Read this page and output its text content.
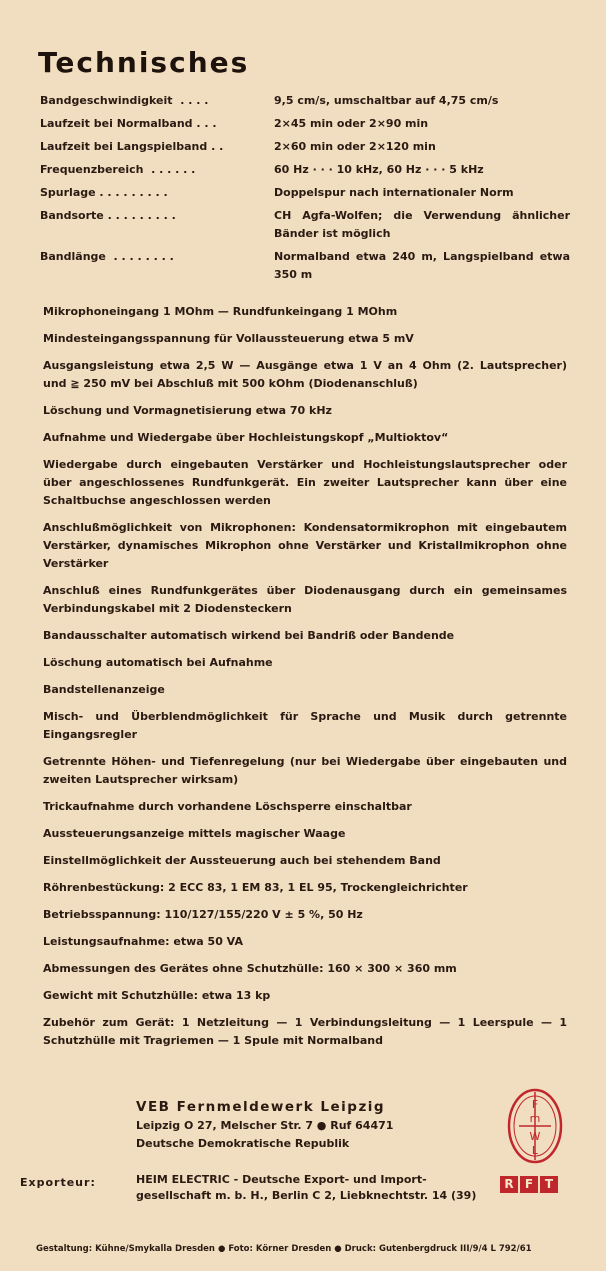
Technisches
Bandgeschwindigkeit  . . . .	9,5 cm/s, umschaltbar auf 4,75 cm/s
Laufzeit bei Normalband . . .	2×45 min oder 2×90 min
Laufzeit bei Langspielband . .	2×60 min oder 2×120 min
Frequenzbereich  . . . . . .	60 Hz · · · 10 kHz, 60 Hz · · · 5 kHz
Spurlage . . . . . . . . .	Doppelspur nach internationaler Norm
Bandsorte . . . . . . . . .	CH Agfa-Wolfen; die Verwendung ähnlicher Bänder ist möglich
Bandlänge  . . . . . . . .	Normalband etwa 240 m, Langspielband etwa 350 m
Mikrophoneingang 1 MOhm — Rundfunkeingang 1 MOhm
Mindesteingangsspannung für Vollaussteuerung etwa 5 mV
Ausgangsleistung etwa 2,5 W — Ausgänge etwa 1 V an 4 Ohm (2. Lautsprecher) und ≧ 250 mV bei Abschluß mit 500 kOhm (Diodenanschluß)
Löschung und Vormagnetisierung etwa 70 kHz
Aufnahme und Wiedergabe über Hochleistungskopf „Multioktov“
Wiedergabe durch eingebauten Verstärker und Hochleistungslautsprecher oder über angeschlossenes Rundfunkgerät. Ein zweiter Lautsprecher kann über eine Schaltbuchse angeschlossen werden
Anschlußmöglichkeit von Mikrophonen: Kondensatormikrophon mit eingebautem Verstärker, dynamisches Mikrophon ohne Verstärker und Kristallmikrophon ohne Verstärker
Anschluß eines Rundfunkgerätes über Diodenausgang durch ein gemeinsames Verbindungskabel mit 2 Diodensteckern
Bandausschalter automatisch wirkend bei Bandriß oder Bandende
Löschung automatisch bei Aufnahme
Bandstellenanzeige
Misch- und Überblendmöglichkeit für Sprache und Musik durch getrennte Eingangsregler
Getrennte Höhen- und Tiefenregelung (nur bei Wiedergabe über eingebauten und zweiten Lautsprecher wirksam)
Trickaufnahme durch vorhandene Löschsperre einschaltbar
Aussteuerungsanzeige mittels magischer Waage
Einstellmöglichkeit der Aussteuerung auch bei stehendem Band
Röhrenbestückung: 2 ECC 83, 1 EM 83, 1 EL 95, Trockengleichrichter
Betriebsspannung: 110/127/155/220 V ± 5 %, 50 Hz
Leistungsaufnahme: etwa 50 VA
Abmessungen des Gerätes ohne Schutzhülle: 160 × 300 × 360 mm
Gewicht mit Schutzhülle: etwa 13 kp
Zubehör zum Gerät: 1 Netzleitung — 1 Verbindungsleitung — 1 Leerspule — 1 Schutzhülle mit Tragriemen — 1 Spule mit Normalband
VEB Fernmeldewerk Leipzig
Leipzig O 27, Melscher Str. 7 ● Ruf 64471
Deutsche Demokratische Republik
Exporteur:	HEIM ELECTRIC - Deutsche Export- und Import-
gesellschaft m. b. H., Berlin C 2, Liebknechtstr. 14 (39)
F
m
W
L
R F T
Gestaltung: Kühne/Smykalla Dresden ● Foto: Körner Dresden ● Druck: Gutenbergdruck III/9/4 L 792/61
